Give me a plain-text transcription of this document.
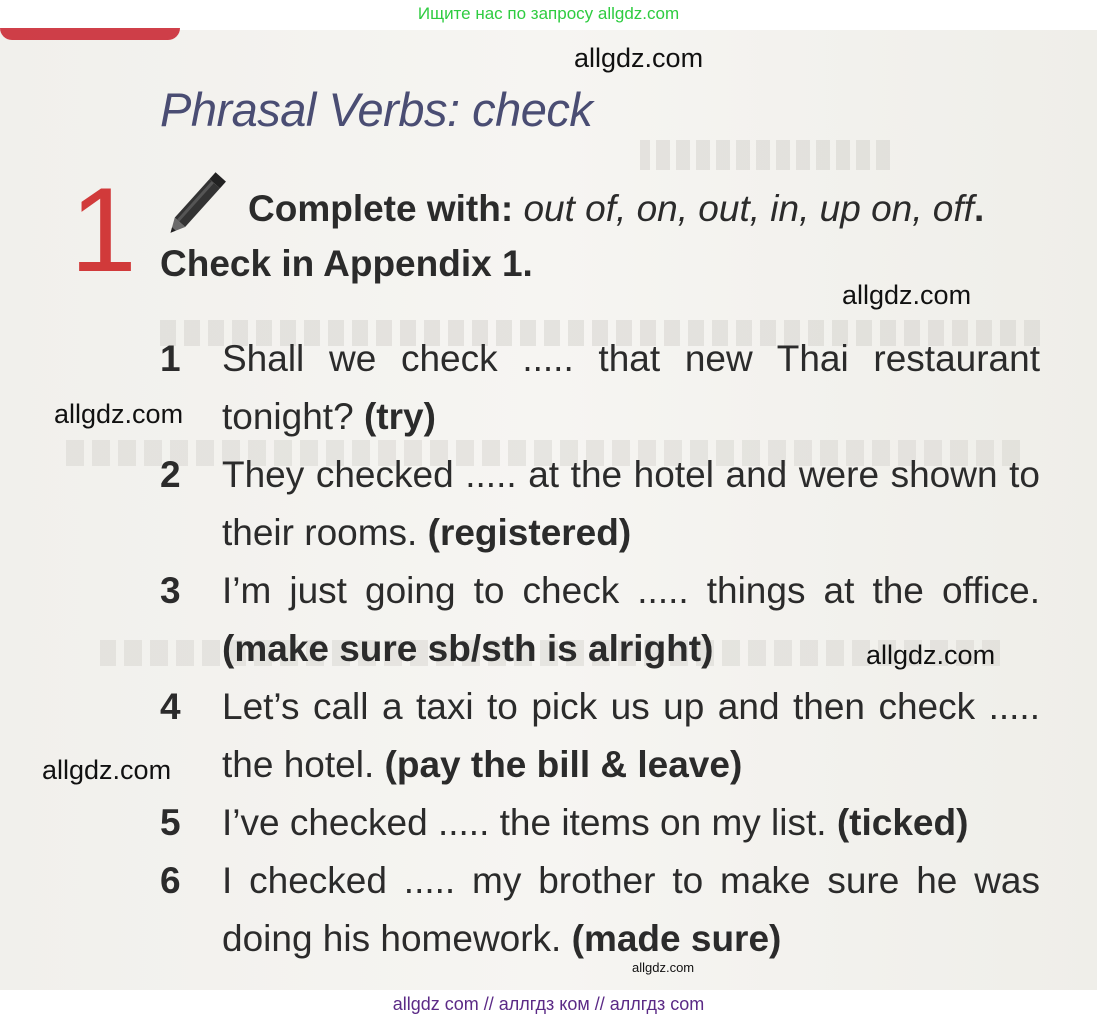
Ищите нас по запросу allgdz.com
allgdz.com
allgdz.com
allgdz.com
allgdz.com
allgdz.com
Phrasal Verbs: check
1	Complete with: out of, on, out, in, up on, off.
Check in Appendix 1.
1 Shall we check ..... that new Thai restaurant tonight? (try)
2 They checked ..... at the hotel and were shown to their rooms. (registered)
3 I’m just going to check ..... things at the office. (make sure sb/sth is alright)
4 Let’s call a taxi to pick us up and then check ..... the hotel. (pay the bill & leave)
5 I’ve checked ..... the items on my list. (ticked)
6 I checked ..... my brother to make sure he was doing his homework. (made sure)
allgdz.com
allgdz com // аллгдз ком // аллгдз com
